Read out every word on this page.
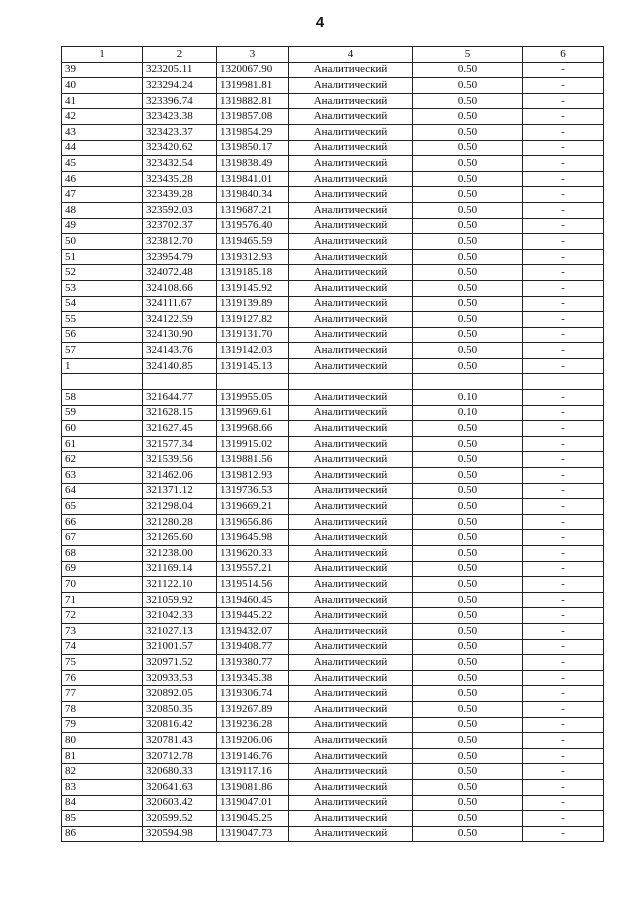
4
1	2	3	4	5	6
39	323205.11	1320067.90	Аналитический	0.50	-
40	323294.24	1319981.81	Аналитический	0.50	-
41	323396.74	1319882.81	Аналитический	0.50	-
42	323423.38	1319857.08	Аналитический	0.50	-
43	323423.37	1319854.29	Аналитический	0.50	-
44	323420.62	1319850.17	Аналитический	0.50	-
45	323432.54	1319838.49	Аналитический	0.50	-
46	323435.28	1319841.01	Аналитический	0.50	-
47	323439.28	1319840.34	Аналитический	0.50	-
48	323592.03	1319687.21	Аналитический	0.50	-
49	323702.37	1319576.40	Аналитический	0.50	-
50	323812.70	1319465.59	Аналитический	0.50	-
51	323954.79	1319312.93	Аналитический	0.50	-
52	324072.48	1319185.18	Аналитический	0.50	-
53	324108.66	1319145.92	Аналитический	0.50	-
54	324111.67	1319139.89	Аналитический	0.50	-
55	324122.59	1319127.82	Аналитический	0.50	-
56	324130.90	1319131.70	Аналитический	0.50	-
57	324143.76	1319142.03	Аналитический	0.50	-
1	324140.85	1319145.13	Аналитический	0.50	-

58	321644.77	1319955.05	Аналитический	0.10	-
59	321628.15	1319969.61	Аналитический	0.10	-
60	321627.45	1319968.66	Аналитический	0.50	-
61	321577.34	1319915.02	Аналитический	0.50	-
62	321539.56	1319881.56	Аналитический	0.50	-
63	321462.06	1319812.93	Аналитический	0.50	-
64	321371.12	1319736.53	Аналитический	0.50	-
65	321298.04	1319669.21	Аналитический	0.50	-
66	321280.28	1319656.86	Аналитический	0.50	-
67	321265.60	1319645.98	Аналитический	0.50	-
68	321238.00	1319620.33	Аналитический	0.50	-
69	321169.14	1319557.21	Аналитический	0.50	-
70	321122.10	1319514.56	Аналитический	0.50	-
71	321059.92	1319460.45	Аналитический	0.50	-
72	321042.33	1319445.22	Аналитический	0.50	-
73	321027.13	1319432.07	Аналитический	0.50	-
74	321001.57	1319408.77	Аналитический	0.50	-
75	320971.52	1319380.77	Аналитический	0.50	-
76	320933.53	1319345.38	Аналитический	0.50	-
77	320892.05	1319306.74	Аналитический	0.50	-
78	320850.35	1319267.89	Аналитический	0.50	-
79	320816.42	1319236.28	Аналитический	0.50	-
80	320781.43	1319206.06	Аналитический	0.50	-
81	320712.78	1319146.76	Аналитический	0.50	-
82	320680.33	1319117.16	Аналитический	0.50	-
83	320641.63	1319081.86	Аналитический	0.50	-
84	320603.42	1319047.01	Аналитический	0.50	-
85	320599.52	1319045.25	Аналитический	0.50	-
86	320594.98	1319047.73	Аналитический	0.50	-
